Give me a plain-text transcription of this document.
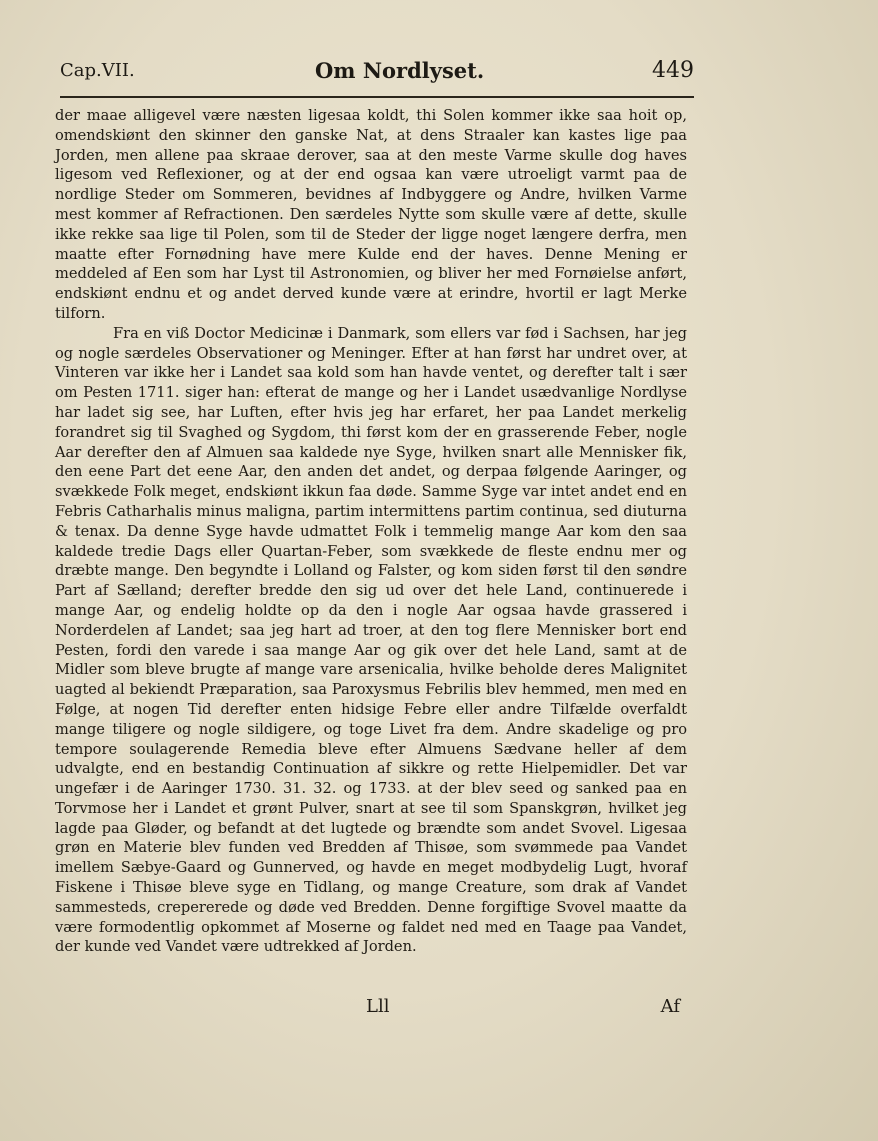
Cap.VII.	Om Nordlyset.	449

der maae alligevel være næsten ligesaa koldt, thi Solen kommer ikke saa hoit op, omendskiønt den skinner den ganske Nat, at dens Straaler kan kastes lige paa Jorden, men allene paa skraae derover, saa at den meste Varme skulle dog haves ligesom ved Reflexioner, og at der end ogsaa kan være utroeligt varmt paa de nordlige Steder om Sommeren, bevidnes af Indbyggere og Andre, hvilken Varme mest kommer af Refractionen. Den særdeles Nytte som skulle være af dette, skulle ikke rekke saa lige til Polen, som til de Steder der ligge noget længere derfra, men maatte efter Fornødning have mere Kulde end der haves. Denne Mening er meddeled af Een som har Lyst til Astronomien, og bliver her med Fornøielse anført, endskiønt endnu et og andet derved kunde være at erindre, hvortil er lagt Merke tilforn.

Fra en viß Doctor Medicinæ i Danmark, som ellers var fød i Sachsen, har jeg og nogle særdeles Observationer og Meninger. Efter at han først har undret over, at Vinteren var ikke her i Landet saa kold som han havde ventet, og derefter talt i sær om Pesten 1711. siger han: efterat de mange og her i Landet usædvanlige Nordlyse har ladet sig see, har Luften, efter hvis jeg har erfaret, her paa Landet merkelig forandret sig til Svaghed og Sygdom, thi først kom der en grasserende Feber, nogle Aar derefter den af Almuen saa kaldede nye Syge, hvilken snart alle Mennisker fik, den eene Part det eene Aar, den anden det andet, og derpaa følgende Aaringer, og svækkede Folk meget, endskiønt ikkun faa døde. Samme Syge var intet andet end en Febris Catharhalis minus maligna, partim intermittens partim continua, sed diuturna & tenax. Da denne Syge havde udmattet Folk i temmelig mange Aar kom den saa kaldede tredie Dags eller Quartan-Feber, som svækkede de fleste endnu mer og dræbte mange. Den begyndte i Lolland og Falster, og kom siden først til den søndre Part af Sælland; derefter bredde den sig ud over det hele Land, continuerede i mange Aar, og endelig holdte op da den i nogle Aar ogsaa havde grassered i Norderdelen af Landet; saa jeg hart ad troer, at den tog flere Mennisker bort end Pesten, fordi den varede i saa mange Aar og gik over det hele Land, samt at de Midler som bleve brugte af mange vare arsenicalia, hvilke beholde deres Malignitet uagted al bekiendt Præparation, saa Paroxysmus Febrilis blev hemmed, men med en Følge, at nogen Tid derefter enten hidsige Febre eller andre Tilfælde overfaldt mange tiligere og nogle sildigere, og toge Livet fra dem. Andre skadelige og pro tempore soulagerende Remedia bleve efter Almuens Sædvane heller af dem udvalgte, end en bestandig Continuation af sikkre og rette Hielpemidler. Det var ungefær i de Aaringer 1730. 31. 32. og 1733. at der blev seed og sanked paa en Torvmose her i Landet et grønt Pulver, snart at see til som Spanskgrøn, hvilket jeg lagde paa Gløder, og befandt at det lugtede og brændte som andet Svovel. Ligesaa grøn en Materie blev funden ved Bredden af Thisøe, som svømmede paa Vandet imellem Sæbye-Gaard og Gunnerved, og havde en meget modbydelig Lugt, hvoraf Fiskene i Thisøe bleve syge en Tidlang, og mange Creature, som drak af Vandet sammesteds, crepererede og døde ved Bredden. Denne forgiftige Svovel maatte da være formodentlig opkommet af Moserne og faldet ned med en Taage paa Vandet, der kunde ved Vandet være udtrekked af Jorden.

Lll	Af
